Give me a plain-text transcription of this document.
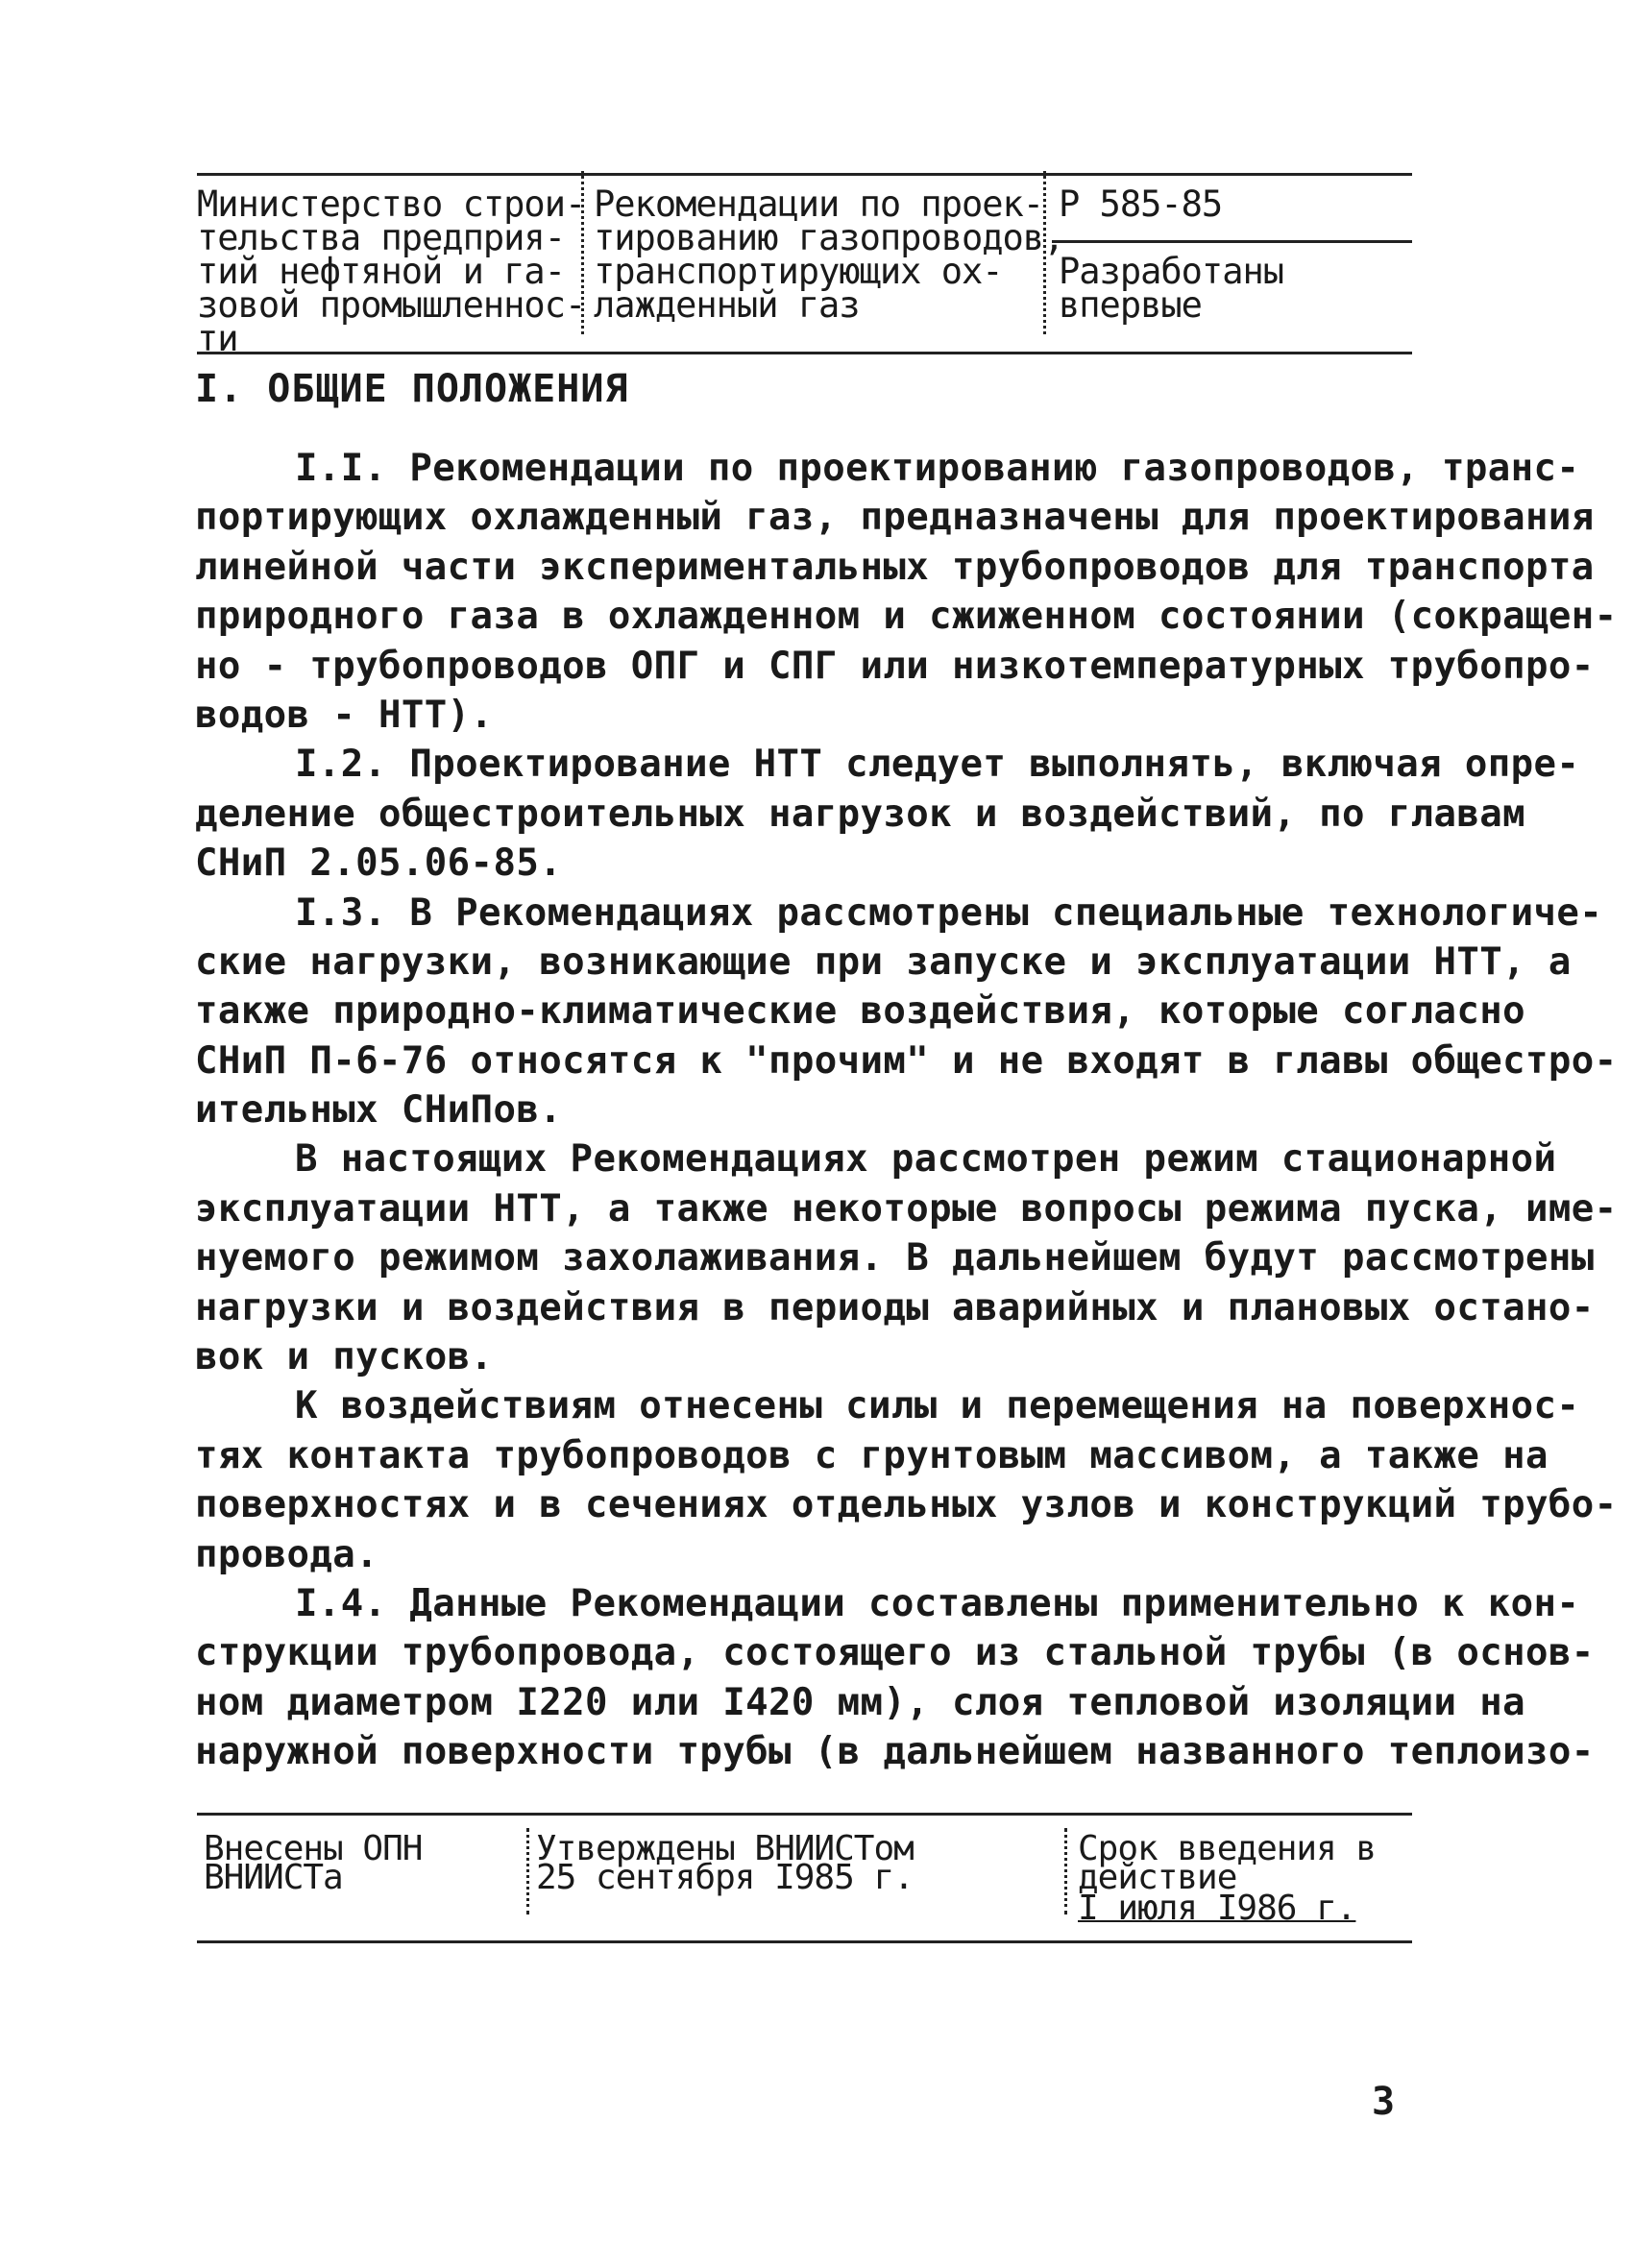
Министерство строи-
тельства предприя-
тий нефтяной и га-
зовой промышленнос-
ти
Рекомендации по проек-
тированию газопроводов,
транспортирующих ох-
лажденный газ
Р 585-85
Разработаны
впервые
I. ОБЩИЕ ПОЛОЖЕНИЯ
I.I. Рекомендации по проектированию газопроводов, транс-
портирующих охлажденный газ, предназначены для проектирования
линейной части экспериментальных трубопроводов для транспорта
природного газа в охлажденном и сжиженном состоянии (сокращен-
но - трубопроводов ОПГ и СПГ или низкотемпературных трубопро-
водов - НТТ).
I.2. Проектирование НТТ следует выполнять, включая опре-
деление общестроительных нагрузок и воздействий, по главам
СНиП 2.05.06-85.
I.3. В Рекомендациях рассмотрены специальные технологиче-
ские нагрузки, возникающие при запуске и эксплуатации НТТ, а
также природно-климатические воздействия, которые согласно
СНиП П-6-76 относятся к "прочим" и не входят в главы общестро-
ительных СНиПов.
В настоящих Рекомендациях рассмотрен режим стационарной
эксплуатации НТТ, а также некоторые вопросы режима пуска, име-
нуемого режимом захолаживания. В дальнейшем будут рассмотрены
нагрузки и воздействия в периоды аварийных и плановых остано-
вок и пусков.
К воздействиям отнесены силы и перемещения на поверхнос-
тях контакта трубопроводов с грунтовым массивом, а также на
поверхностях и в сечениях отдельных узлов и конструкций трубо-
провода.
I.4. Данные Рекомендации составлены применительно к кон-
струкции трубопровода, состоящего из стальной трубы (в основ-
ном диаметром I220 или I420 мм), слоя тепловой изоляции на
наружной поверхности трубы (в дальнейшем названного теплоизо-
Внесены ОПН
ВНИИСТа
Утверждены ВНИИСТом
25 сентября I985 г.
Срок введения в
действие
I июля I986 г.
3
